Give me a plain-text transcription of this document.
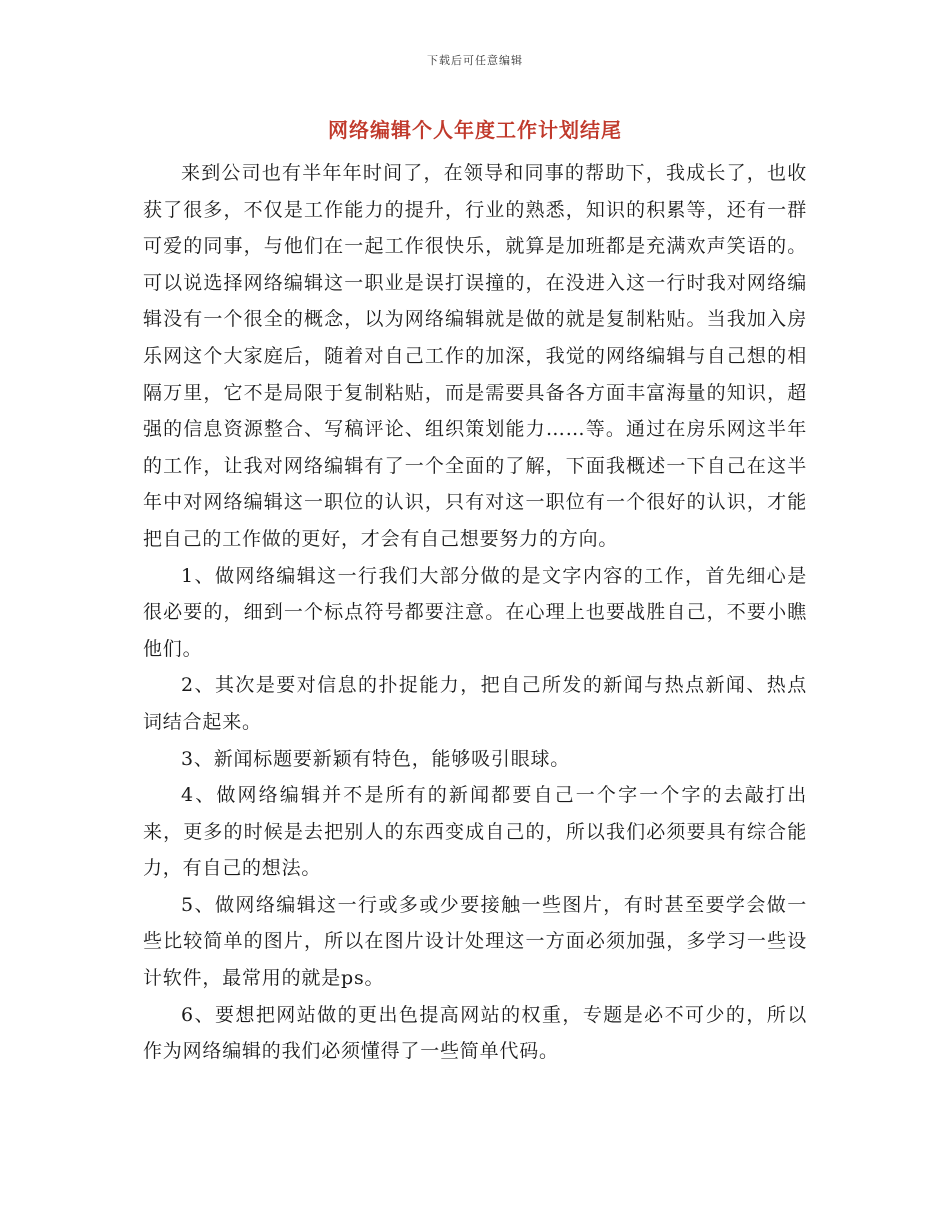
下载后可任意编辑
网络编辑个人年度工作计划结尾

来到公司也有半年年时间了，在领导和同事的帮助下，我成长了，也收获了很多，不仅是工作能力的提升，行业的熟悉，知识的积累等，还有一群可爱的同事，与他们在一起工作很快乐，就算是加班都是充满欢声笑语的。可以说选择网络编辑这一职业是误打误撞的，在没进入这一行时我对网络编辑没有一个很全的概念，以为网络编辑就是做的就是复制粘贴。当我加入房乐网这个大家庭后，随着对自己工作的加深，我觉的网络编辑与自己想的相隔万里，它不是局限于复制粘贴，而是需要具备各方面丰富海量的知识，超强的信息资源整合、写稿评论、组织策划能力……等。通过在房乐网这半年的工作，让我对网络编辑有了一个全面的了解，下面我概述一下自己在这半年中对网络编辑这一职位的认识，只有对这一职位有一个很好的认识，才能把自己的工作做的更好，才会有自己想要努力的方向。

1、做网络编辑这一行我们大部分做的是文字内容的工作，首先细心是很必要的，细到一个标点符号都要注意。在心理上也要战胜自己，不要小瞧他们。

2、其次是要对信息的扑捉能力，把自己所发的新闻与热点新闻、热点词结合起来。

3、新闻标题要新颖有特色，能够吸引眼球。

4、做网络编辑并不是所有的新闻都要自己一个字一个字的去敲打出来，更多的时候是去把别人的东西变成自己的，所以我们必须要具有综合能力，有自己的想法。

5、做网络编辑这一行或多或少要接触一些图片，有时甚至要学会做一些比较简单的图片，所以在图片设计处理这一方面必须加强，多学习一些设计软件，最常用的就是ps。

6、要想把网站做的更出色提高网站的权重，专题是必不可少的，所以作为网络编辑的我们必须懂得了一些简单代码。
